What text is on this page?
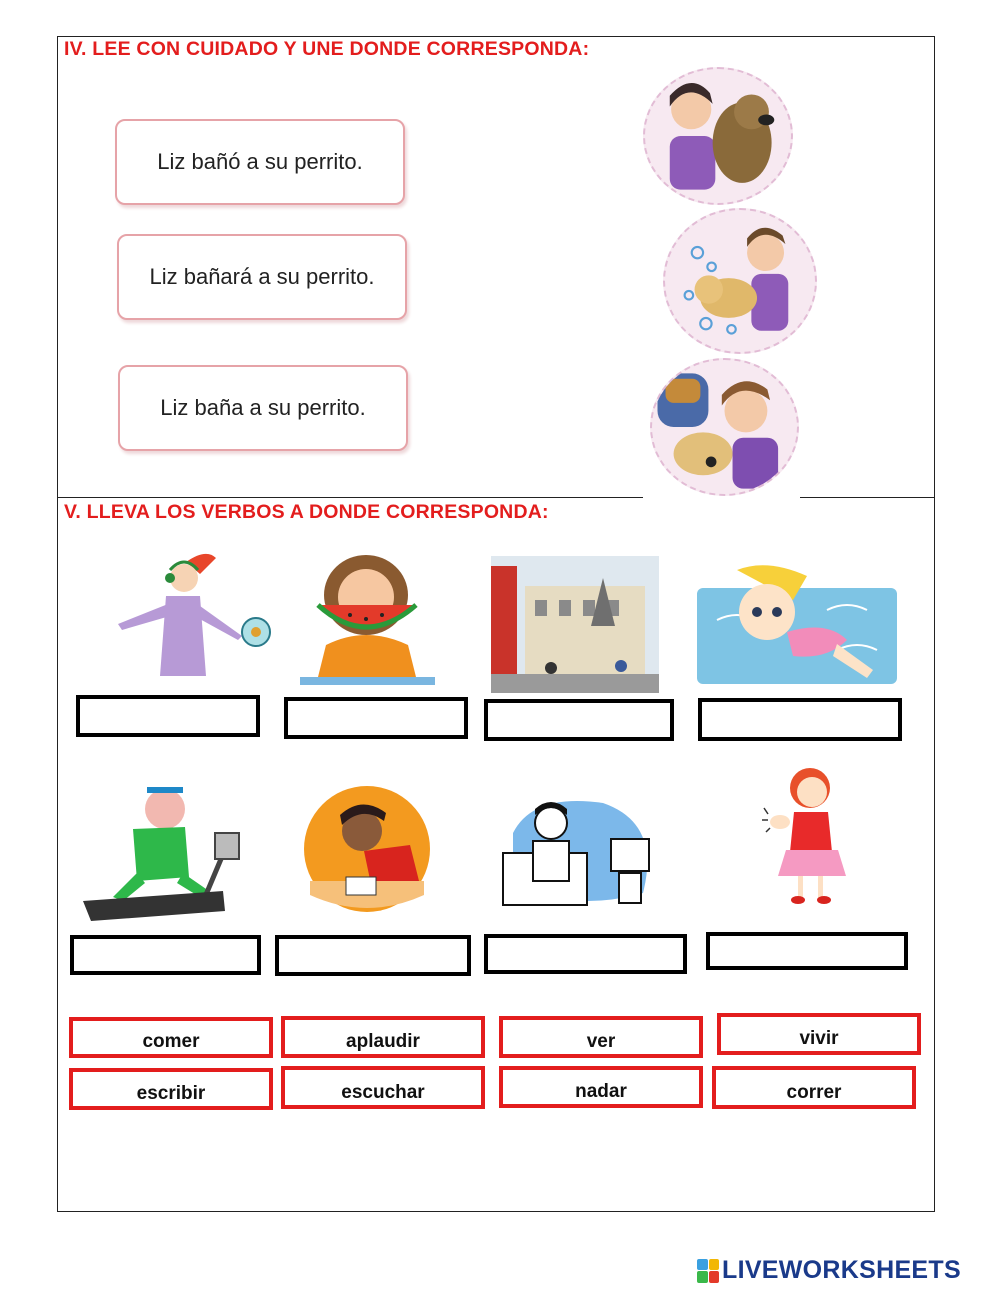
IV. LEE CON CUIDADO Y UNE DONDE CORRESPONDA:
Liz bañó a su perrito.
Liz bañará a su perrito.
Liz baña a su perrito.
V. LLEVA LOS VERBOS A DONDE CORRESPONDA:
comer	aplaudir	ver	vivir
escribir	escuchar	nadar	correr
LIVEWORKSHEETS
